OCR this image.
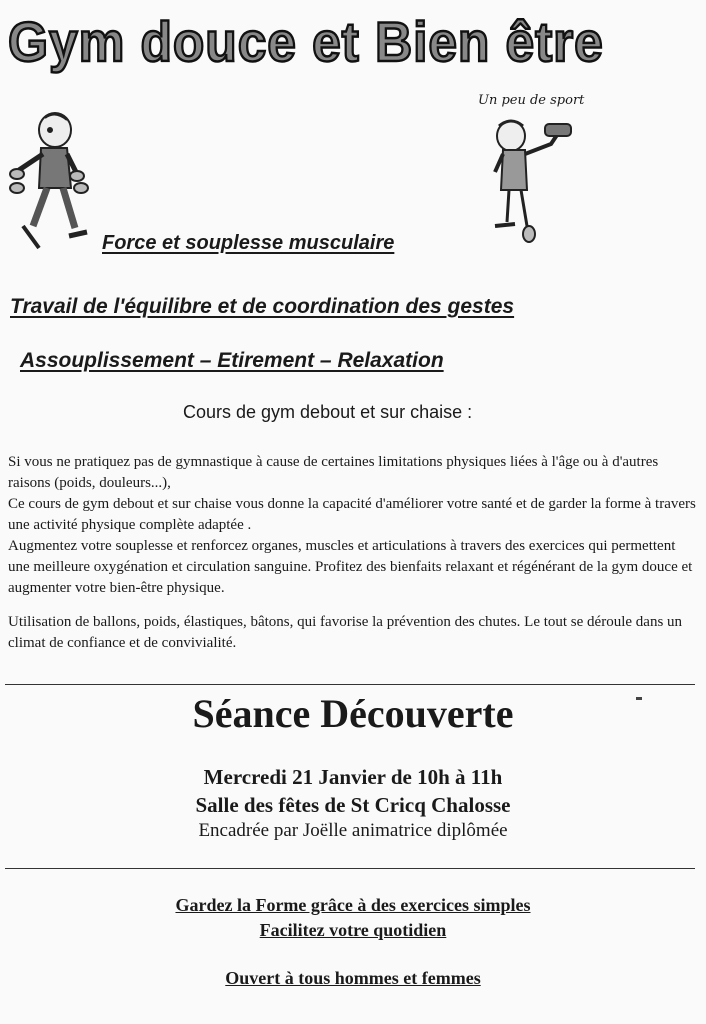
Gym douce et Bien être
Un peu de sport
Force et souplesse musculaire
Travail de l'équilibre et de coordination des gestes
Assouplissement – Etirement – Relaxation
Cours de gym debout et sur chaise :
Si vous ne pratiquez pas de gymnastique à cause de certaines limitations physiques liées à l'âge ou à d'autres raisons (poids, douleurs...),
Ce cours de gym debout et sur chaise vous donne la capacité d'améliorer votre santé et de garder la forme à travers une activité physique complète adaptée .
Augmentez votre souplesse et renforcez organes, muscles et articulations à travers des exercices qui permettent une meilleure oxygénation et circulation sanguine. Profitez des bienfaits relaxant et régénérant de la gym douce et augmenter votre bien-être physique.

Utilisation de ballons, poids, élastiques, bâtons, qui favorise la prévention des chutes. Le tout se déroule dans un climat de confiance et de convivialité.

Séance Découverte
Mercredi 21 Janvier de 10h à 11h
Salle des fêtes de St Cricq Chalosse
Encadrée par Joëlle animatrice diplômée
Gardez la Forme grâce à des exercices simples
Facilitez votre quotidien
Ouvert à tous hommes et femmes
